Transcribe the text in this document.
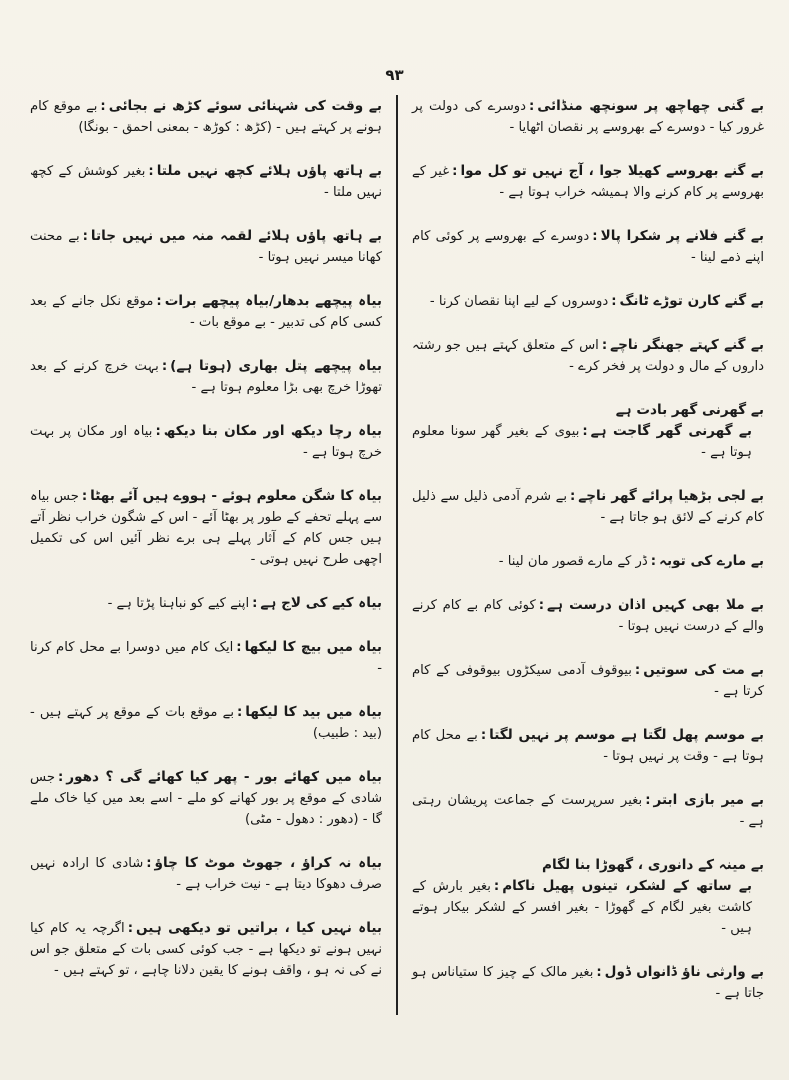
۹۳

بے گنی چھاچھ پر سونچھ منڈائی:دوسرے کی دولت پر غرور کیا - دوسرے کے بھروسے پر نقصان اٹھایا -

بے گنے بھروسے کھیلا جوا ، آج نہیں تو کل موا:غیر کے بھروسے پر کام کرنے والا ہمیشہ خراب ہوتا ہے -

بے گنے فلانے پر شکرا پالا:دوسرے کے بھروسے پر کوئی کام اپنے ذمے لینا -

بے گنے کارن توڑے ٹانگ:دوسروں کے لیے اپنا نقصان کرنا -

بے گنے کہتے جھنگر ناچے:اس کے متعلق کہتے ہیں جو رشتہ داروں کے مال و دولت پر فخر کرے -

بے گھرنی گھر بادت ہے
بے گھرنی گھر گاجت ہے:بیوی کے بغیر گھر سونا معلوم ہوتا ہے -

بے لجی بڑھیا پرائے گھر ناچے:بے شرم آدمی ذلیل سے ذلیل کام کرنے کے لائق ہو جاتا ہے -

بے مارے کی توبہ:ڈر کے مارے قصور مان لینا -

بے ملا بھی کہیں اذان درست ہے:کوئی کام بے کام کرنے والے کے درست نہیں ہوتا -

بے مت کی سوتیں:بیوقوف آدمی سیکڑوں بیوقوفی کے کام کرتا ہے -

بے موسم پھل لگتا ہے موسم پر نہیں لگتا:بے محل کام ہوتا ہے - وقت پر نہیں ہوتا -

بے میر بازی ابتر:بغیر سرپرست کے جماعت پریشان رہتی ہے -

بے مینہ کے دانوری ، گھوڑا بنا لگام
بے ساتھ کے لشکر، تینوں پھیل ناکام:بغیر بارش کے کاشت بغیر لگام کے گھوڑا - بغیر افسر کے لشکر بیکار ہوتے ہیں -

بے وارثی ناؤ ڈانواں ڈول:بغیر مالک کے چیز کا ستیاناس ہو جاتا ہے -

بے وقت کی شہنائی سوئے کڑھ نے بجائی:بے موقع کام ہونے پر کہتے ہیں - (کڑھ : کوڑھ - بمعنی احمق - بونگا)

بے ہاتھ پاؤں ہلائے کچھ نہیں ملتا:بغیر کوشش کے کچھ نہیں ملتا -

بے ہاتھ پاؤں ہلائے لقمہ منہ میں نہیں جاتا:بے محنت کھانا میسر نہیں ہوتا -

بیاہ پیچھے بدھار/بیاہ پیچھے برات:موقع نکل جانے کے بعد کسی کام کی تدبیر - بے موقع بات -

بیاہ پیچھے پتل بھاری (ہوتا ہے):بہت خرچ کرنے کے بعد تھوڑا خرچ بھی بڑا معلوم ہوتا ہے -

بیاہ رچا دیکھ اور مکان بنا دیکھ:بیاہ اور مکان پر بہت خرچ ہوتا ہے -

بیاہ کا شگن معلوم ہوئے - ہووے ہیں آئے بھٹا:جس بیاہ سے پہلے تحفے کے طور پر بھٹا آئے - اس کے شگون خراب نظر آتے ہیں جس کام کے آثار پہلے ہی برے نظر آئیں اس کی تکمیل اچھی طرح نہیں ہوتی -

بیاہ کیے کی لاج ہے:اپنے کیے کو نباہنا پڑتا ہے -

بیاہ میں بیچ کا لیکھا:ایک کام میں دوسرا بے محل کام کرنا -

بیاہ میں بید کا لیکھا:بے موقع بات کے موقع پر کہتے ہیں - (بید : طبیب)

بیاہ میں کھائے بور - پھر کیا کھائے گی ؟ دھور:جس شادی کے موقع پر بور کھانے کو ملے - اسے بعد میں کیا خاک ملے گا - (دھور : دھول - مٹی)

بیاہ نہ کراؤ ، جھوٹ موٹ کا چاؤ:شادی کا ارادہ نہیں صرف دھوکا دیتا ہے - نیت خراب ہے -

بیاہ نہیں کیا ، براتیں تو دیکھی ہیں:اگرچہ یہ کام کیا نہیں ہونے تو دیکھا ہے - جب کوئی کسی بات کے متعلق جو اس نے کی نہ ہو ، واقف ہونے کا یقین دلانا چاہے ، تو کہتے ہیں -
